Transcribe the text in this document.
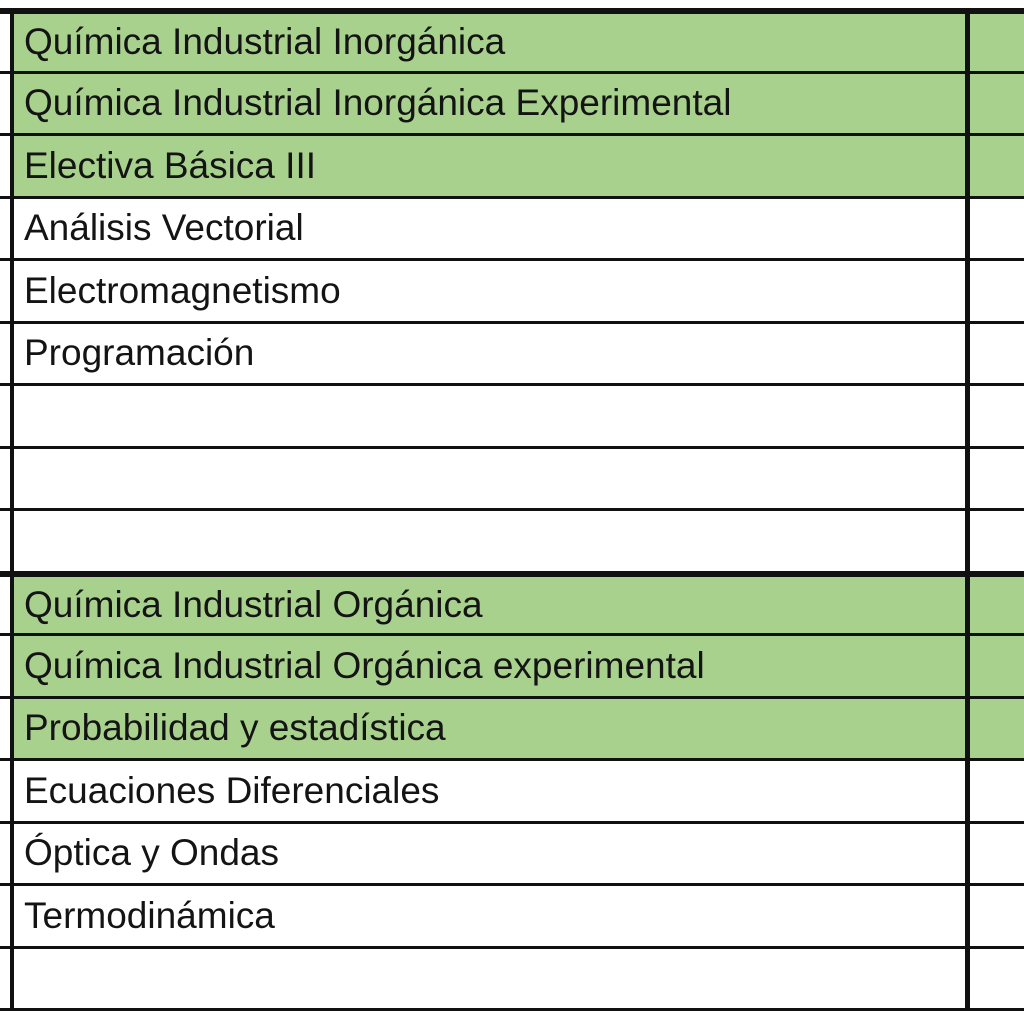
Química Industrial Inorgánica
Química Industrial Inorgánica Experimental
Electiva Básica III
Análisis Vectorial
Electromagnetismo
Programación
Química Industrial Orgánica
Química Industrial Orgánica experimental
Probabilidad y estadística
Ecuaciones Diferenciales
Óptica y Ondas
Termodinámica
